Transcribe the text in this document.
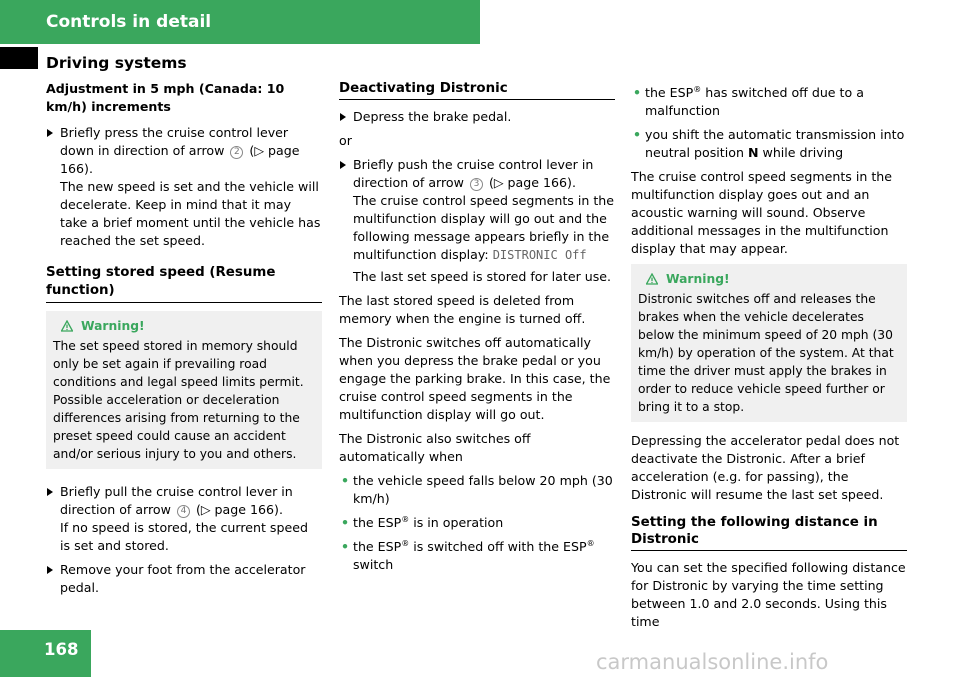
Controls in detail
Driving systems
Adjustment in 5 mph (Canada: 10 km/h) increments
Briefly press the cruise control lever down in direction of arrow 2 (▷ page 166).
The new speed is set and the vehicle will decelerate. Keep in mind that it may take a brief moment until the vehicle has reached the set speed.
Setting stored speed (Resume function)
Warning!
The set speed stored in memory should only be set again if prevailing road conditions and legal speed limits permit. Possible acceleration or deceleration differences arising from returning to the preset speed could cause an accident and/or serious injury to you and others.
Briefly pull the cruise control lever in direction of arrow 4 (▷ page 166).
If no speed is stored, the current speed is set and stored.
Remove your foot from the accelerator pedal.
Deactivating Distronic
Depress the brake pedal.

or

Briefly push the cruise control lever in direction of arrow 3 (▷ page 166).
The cruise control speed segments in the multifunction display will go out and the following message appears briefly in the multifunction display: DISTRONIC Off
The last set speed is stored for later use.

The last stored speed is deleted from memory when the engine is turned off.

The Distronic switches off automatically when you depress the brake pedal or you engage the parking brake. In this case, the cruise control speed segments in the multifunction display will go out.

The Distronic also switches off automatically when

• the vehicle speed falls below 20 mph (30 km/h)
• the ESP® is in operation
• the ESP® is switched off with the ESP® switch
• the ESP® has switched off due to a malfunction
• you shift the automatic transmission into neutral position N while driving

The cruise control speed segments in the multifunction display goes out and an acoustic warning will sound. Observe additional messages in the multifunction display that may appear.

Warning!
Distronic switches off and releases the brakes when the vehicle decelerates below the minimum speed of 20 mph (30 km/h) by operation of the system. At that time the driver must apply the brakes in order to reduce vehicle speed further or bring it to a stop.

Depressing the accelerator pedal does not deactivate the Distronic. After a brief acceleration (e.g. for passing), the Distronic will resume the last set speed.

Setting the following distance in Distronic

You can set the specified following distance for Distronic by varying the time setting between 1.0 and 2.0 seconds. Using this time

168
carmanualsonline.info
